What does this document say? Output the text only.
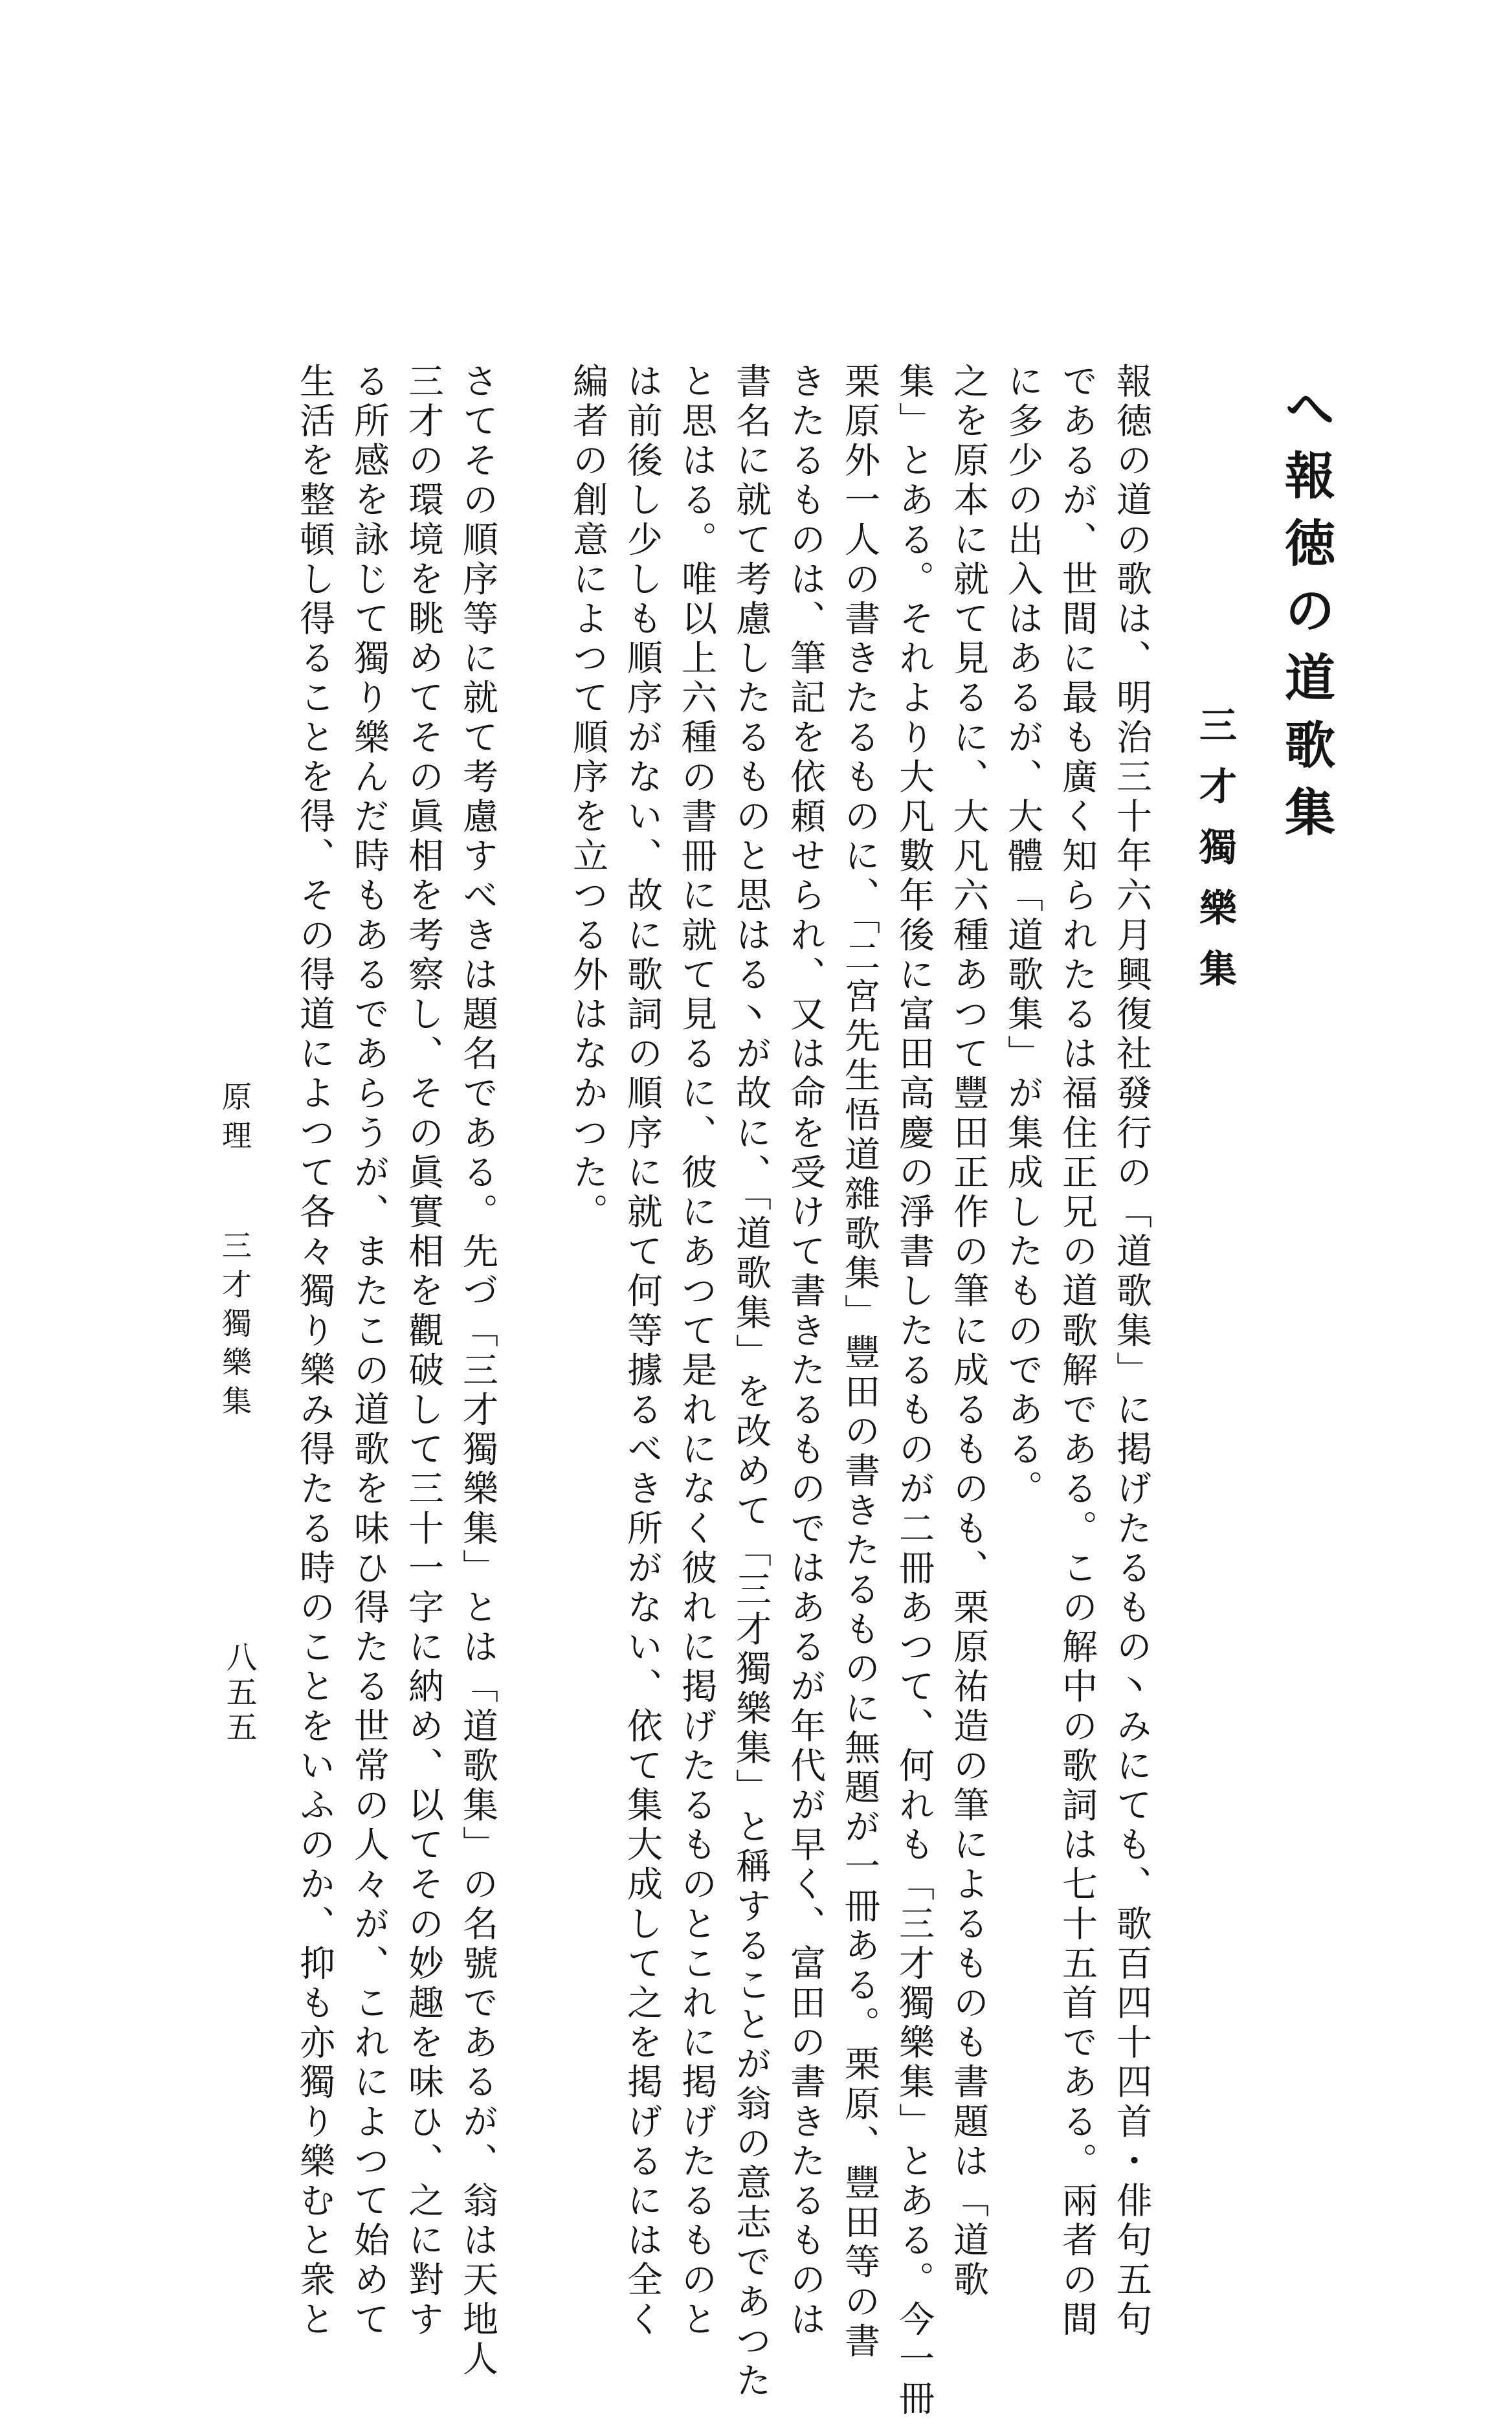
へ報徳の道歌集
三才獨樂集
報徳の道の歌は、明治三十年六月興復社發行の「道歌集」に掲げたるもの丶みにても、歌百四十四首・俳句五句
であるが、世間に最も廣く知られたるは福住正兄の道歌解である。この解中の歌詞は七十五首である。兩者の間
に多少の出入はあるが、大體「道歌集」が集成したものである。
之を原本に就て見るに、大凡六種あつて豐田正作の筆に成るものも、栗原祐造の筆によるものも書題は「道歌
集」とある。それより大凡數年後に富田高慶の淨書したるものが二冊あつて、何れも「三才獨樂集」とある。今一冊
栗原外一人の書きたるものに、「二宮先生悟道雜歌集」豐田の書きたるものに無題が一冊ある。栗原、豐田等の書
きたるものは、筆記を依頼せられ、又は命を受けて書きたるものではあるが年代が早く、富田の書きたるものは
書名に就て考慮したるものと思はる丶が故に、「道歌集」を改めて「三才獨樂集」と稱することが翁の意志であつた
と思はる。唯以上六種の書冊に就て見るに、彼にあつて是れになく彼れに掲げたるものとこれに掲げたるものと
は前後し少しも順序がない、故に歌詞の順序に就て何等據るべき所がない、依て集大成して之を掲げるには全く
編者の創意によつて順序を立つる外はなかつた。
さてその順序等に就て考慮すべきは題名である。先づ「三才獨樂集」とは「道歌集」の名號であるが、翁は天地人
三才の環境を眺めてその眞相を考察し、その眞實相を觀破して三十一字に納め、以てその妙趣を味ひ、之に對す
る所感を詠じて獨り樂んだ時もあるであらうが、またこの道歌を味ひ得たる世常の人々が、これによつて始めて
生活を整頓し得ることを得、その得道によつて各々獨り樂み得たる時のことをいふのか、抑も亦獨り樂むと衆と
原理三才獨樂集
八五五
